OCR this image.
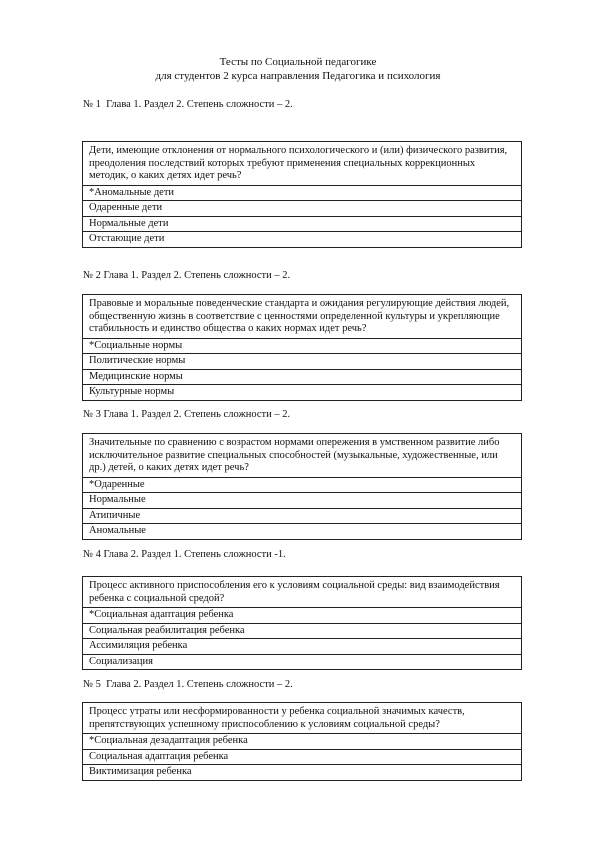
Тесты по Социальной педагогике
для студентов 2 курса направления Педагогика и психология
№ 1  Глава 1. Раздел 2. Степень сложности – 2.
Дети, имеющие отклонения от нормального психологического и (или) физического развития, преодоления последствий которых требуют применения специальных коррекционных методик, о каких детях идет речь?
*Аномальные дети
Одаренные дети
Нормальные дети
Отстающие дети
№ 2 Глава 1. Раздел 2. Степень сложности – 2.
Правовые и моральные поведенческие стандарта и ожидания регулирующие действия людей, общественную жизнь в соответствие с ценностями определенной культуры и укрепляющие стабильность и единство общества о каких нормах идет речь?
*Социальные нормы
Политические нормы
Медицинские нормы
Культурные нормы
№ 3 Глава 1. Раздел 2. Степень сложности – 2.
Значительные по сравнению с возрастом нормами опережения в умственном развитие либо исключительное развитие специальных способностей (музыкальные, художественные, или др.) детей, о каких детях идет речь?
*Одаренные
Нормальные
Атипичные
Аномальные
№ 4 Глава 2. Раздел 1. Степень сложности -1.
Процесс активного приспособления его к условиям социальной среды: вид взаимодействия ребенка с социальной средой?
*Социальная адаптация ребенка
Социальная реабилитация ребенка
Ассимиляция ребенка
Социализация
№ 5  Глава 2. Раздел 1. Степень сложности – 2.
Процесс утраты или несформированности у ребенка социальной значимых качеств, препятствующих успешному приспособлению к условиям социальной среды?
*Социальная дезадаптация ребенка
Социальная адаптация ребенка
Виктимизация ребенка
